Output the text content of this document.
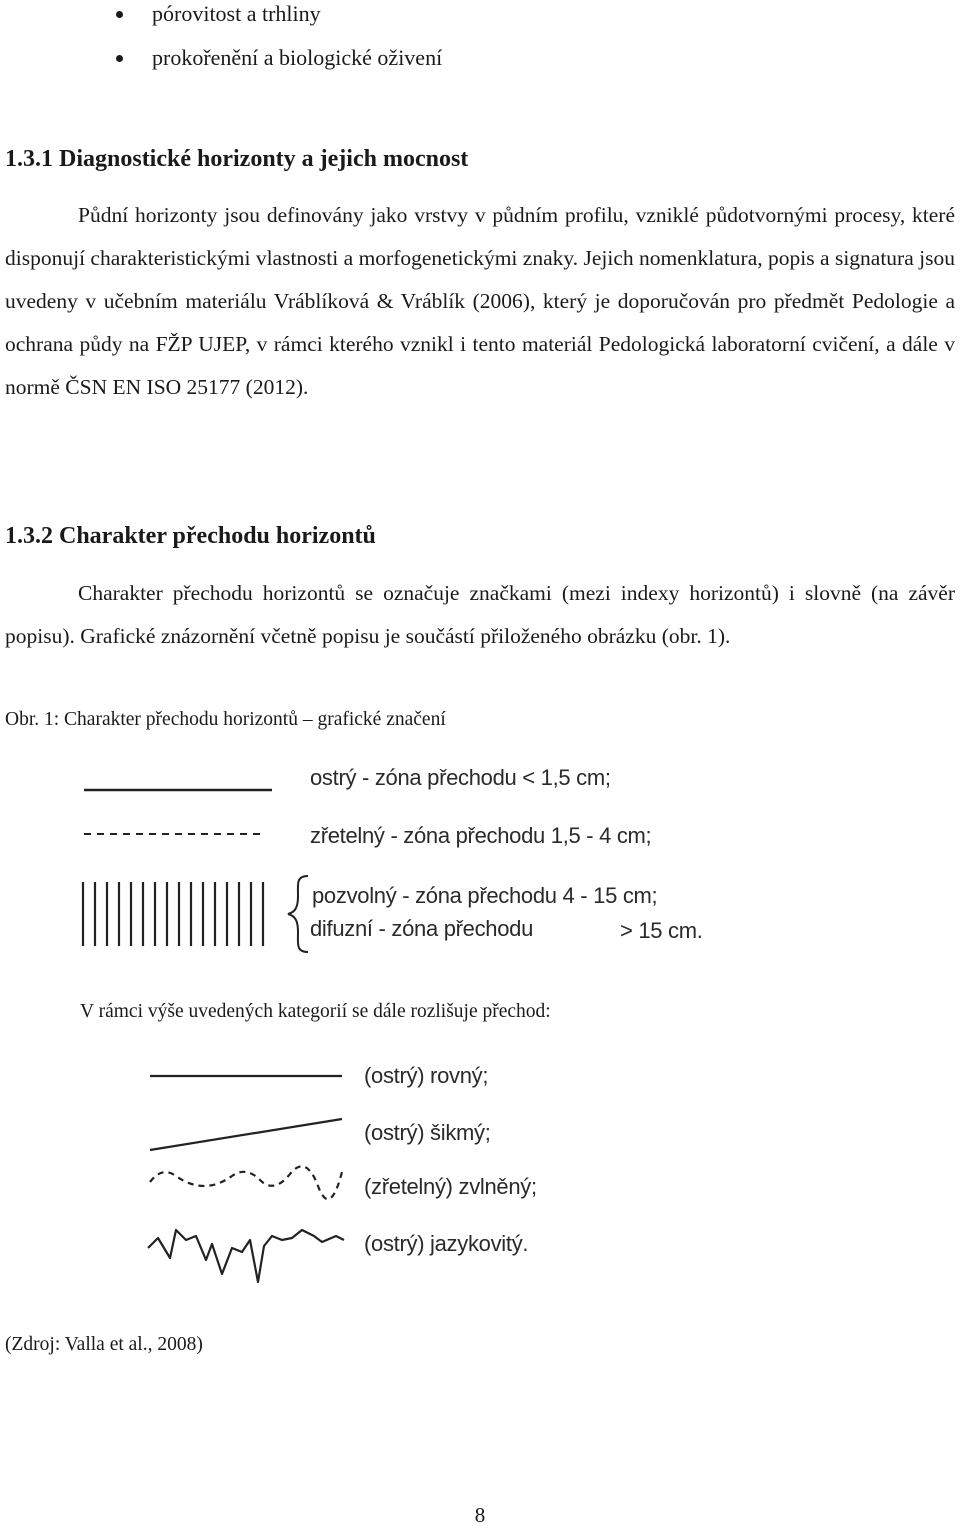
pórovitost a trhliny
prokořenění a biologické oživení
1.3.1 Diagnostické horizonty a jejich mocnost

Půdní horizonty jsou definovány jako vrstvy v půdním profilu, vzniklé půdotvornými procesy, které disponují charakteristickými vlastnosti a morfogenetickými znaky. Jejich nomenklatura, popis a signatura jsou uvedeny v učebním materiálu Vráblíková & Vráblík (2006), který je doporučován pro předmět Pedologie a ochrana půdy na FŽP UJEP, v rámci kterého vznikl i tento materiál Pedologická laboratorní cvičení, a dále v normě ČSN EN ISO 25177 (2012).

1.3.2 Charakter přechodu horizontů

Charakter přechodu horizontů se označuje značkami (mezi indexy horizontů) i slovně (na závěr popisu). Grafické znázornění včetně popisu je součástí přiloženého obrázku (obr. 1).

Obr. 1: Charakter přechodu horizontů – grafické značení
ostrý - zóna přechodu < 1,5 cm;
zřetelný - zóna přechodu 1,5 - 4 cm;
pozvolný - zóna přechodu 4 - 15 cm;
difuzní - zóna přechodu	> 15 cm.
V rámci výše uvedených kategorií se dále rozlišuje přechod:
(ostrý) rovný;
(ostrý) šikmý;
(zřetelný) zvlněný;
(ostrý) jazykovitý.
(Zdroj: Valla et al., 2008)
8
